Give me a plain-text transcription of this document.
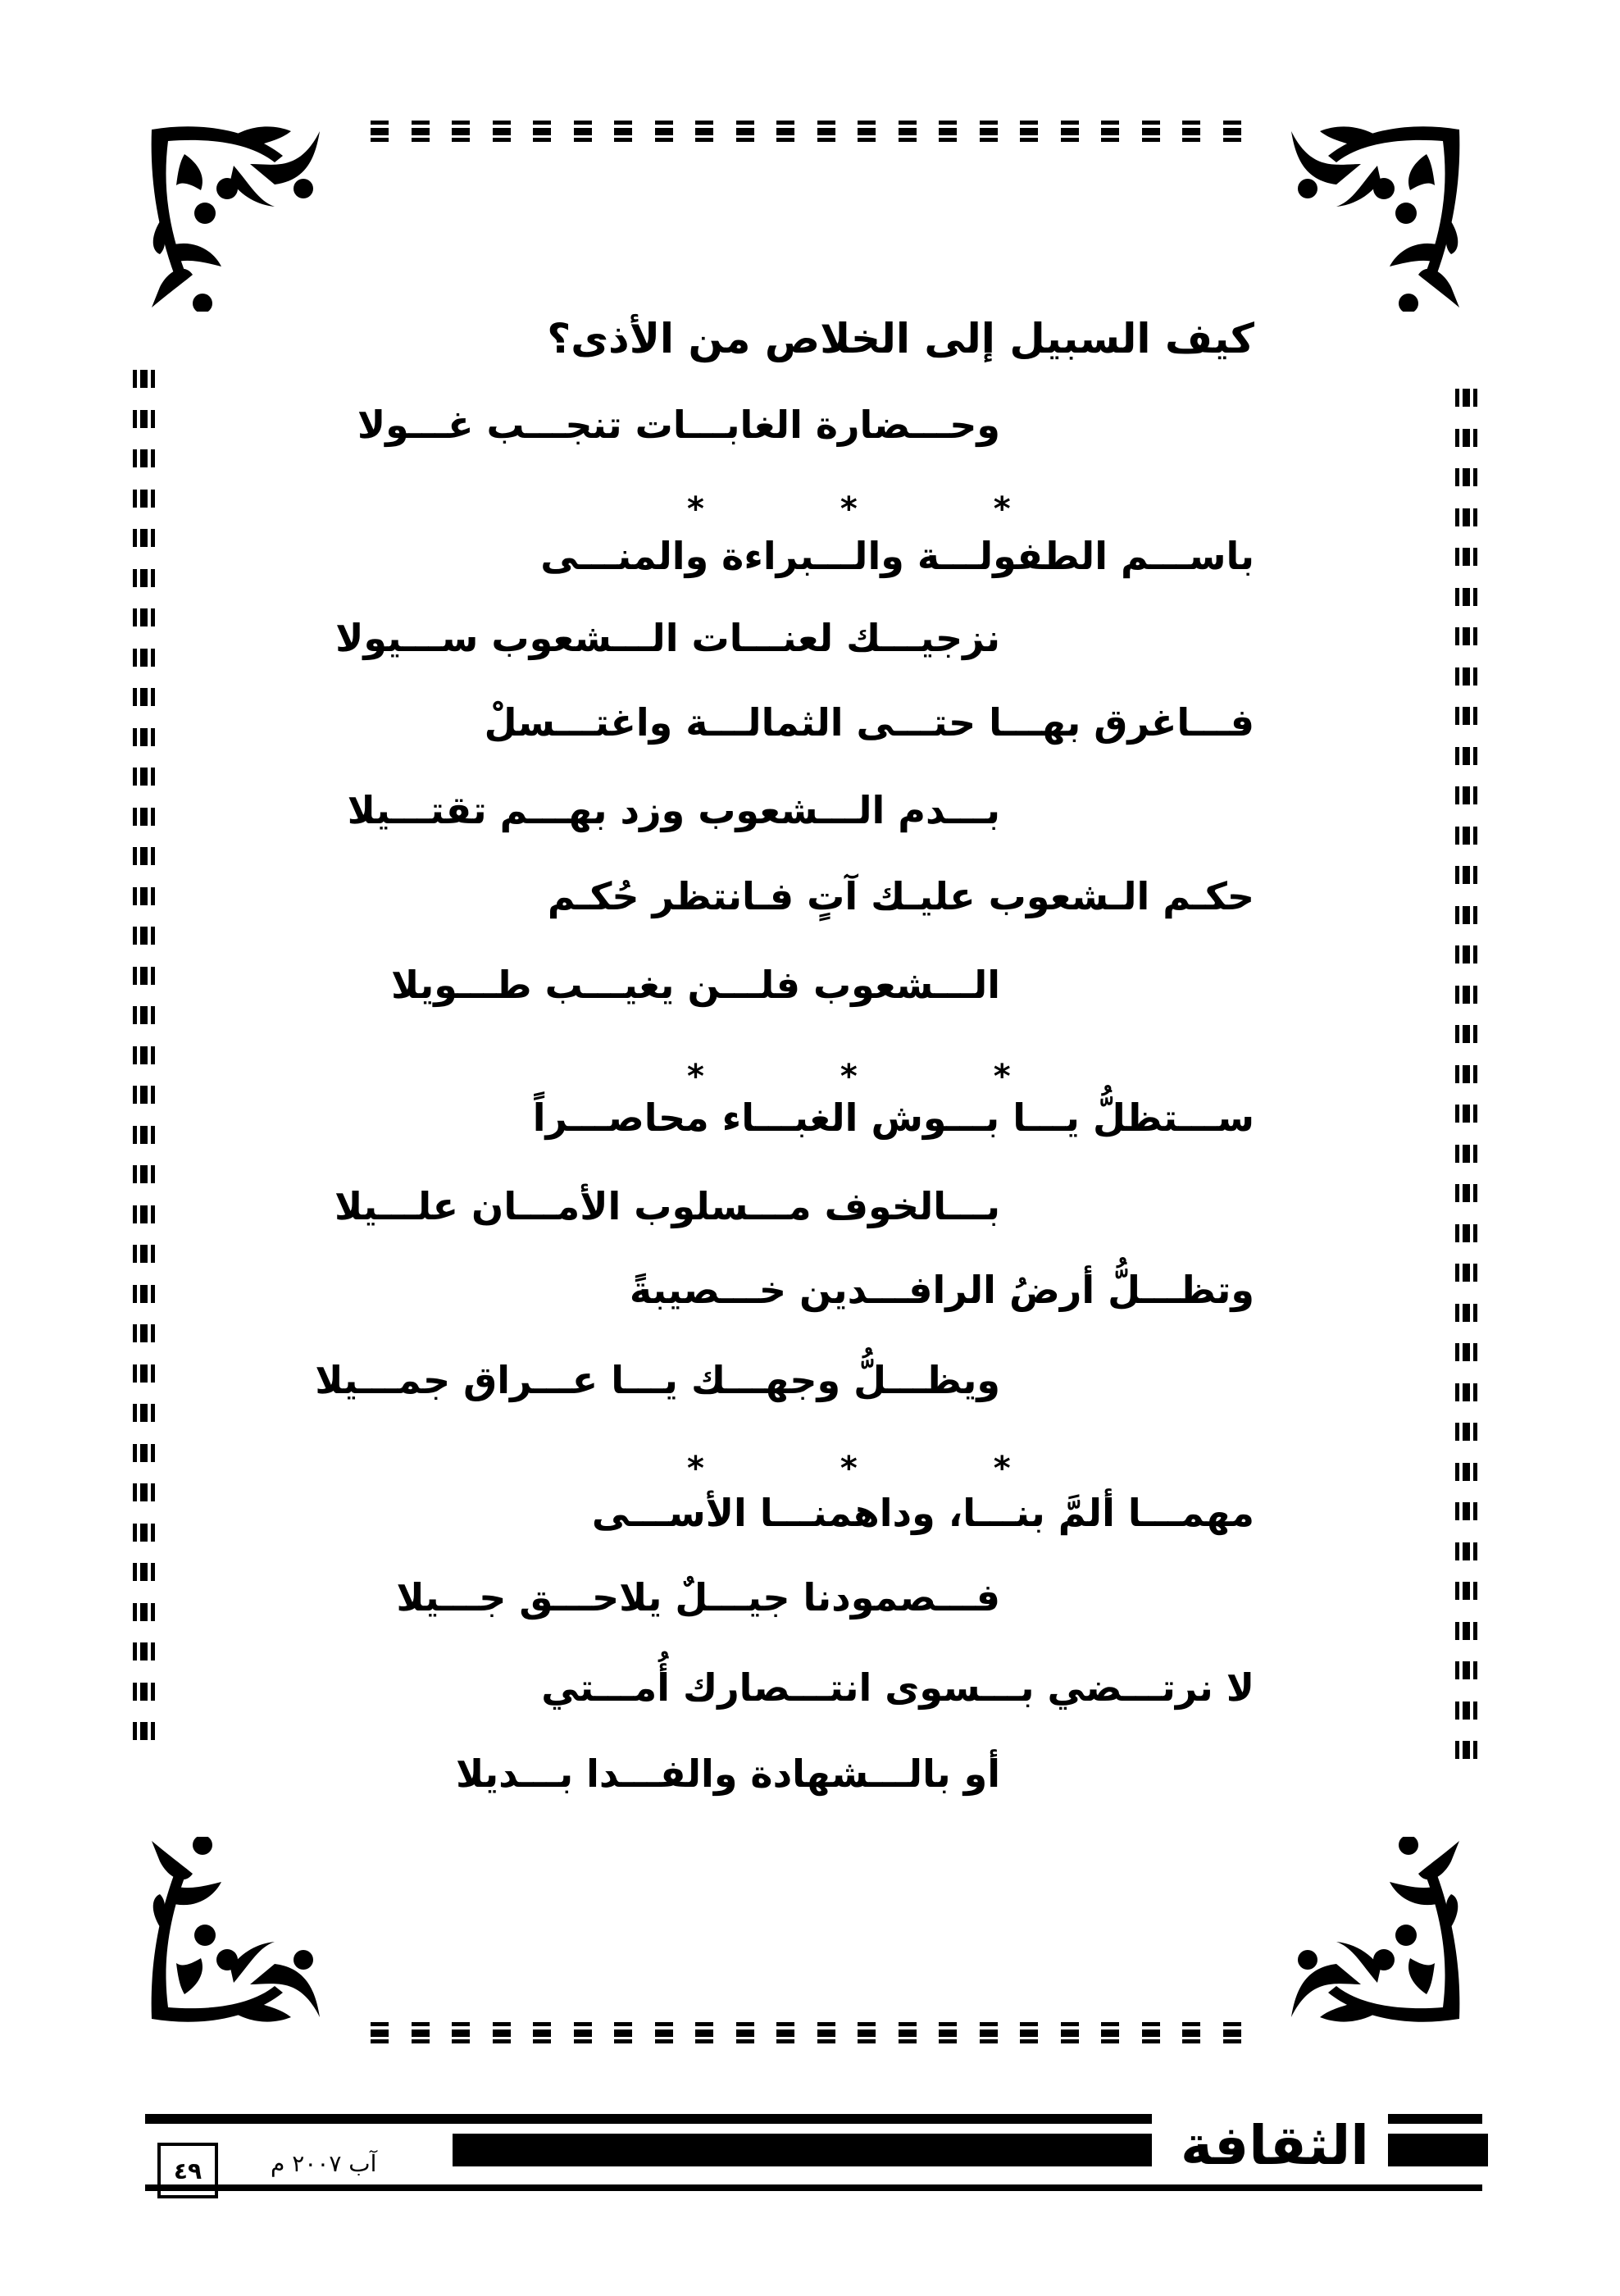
كيف السبيل إلى الخلاص من الأذى؟
وحـــضارة الغابـــات تنجـــب غـــولا
* * *
باســـم الطفولـــة والـــبراءة والمنـــى
نزجيـــك لعنـــات الـــشعوب ســـيولا
فـــاغرق بهـــا حتـــى الثمالـــة واغتـــسلْ
بـــدم الـــشعوب وزد بهـــم تقتـــيلا
حكـم الـشعوب عليـك آتٍ فـانتظر حُكـم
الـــشعوب فلـــن يغيـــب طـــويلا
* * *
ســـتظلُّ يـــا بـــوش الغبـــاء محاصـــراً
بـــالخوف مـــسلوب الأمـــان علـــيلا
وتظـــلُّ أرضُ الرافـــدين خـــصيبةً
ويظـــلُّ وجهـــك يـــا عـــراق جمـــيلا
* * *
مهمـــا ألمَّ بنـــا، وداهمنـــا الأســـى
فـــصمودنا جيـــلٌ يلاحـــق جـــيلا
لا نرتـــضي بـــسوى انتـــصارك أُمـــتي
أو بالـــشهادة والفـــدا بـــديلا
الثقافة
آب ٢٠٠٧ م
٤٩
